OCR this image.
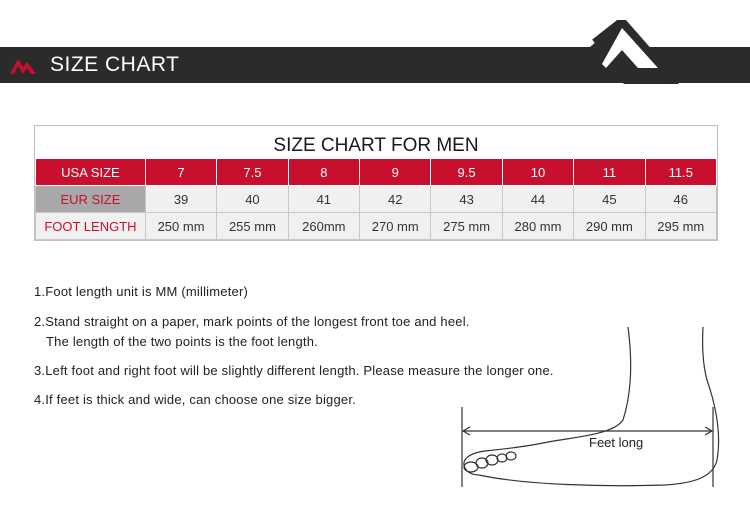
SIZE CHART
SIZE CHART FOR MEN
USA SIZE	7	7.5	8	9	9.5	10	11	11.5
EUR SIZE	39	40	41	42	43	44	45	46
FOOT LENGTH	250 mm	255 mm	260mm	270 mm	275 mm	280 mm	290 mm	295 mm
1.Foot length unit is MM (millimeter)
2.Stand straight on a paper, mark points of the longest front toe and heel.
The length of the two points is the foot length.
3.Left foot and right foot will be slightly different length. Please measure the longer one.
4.If feet is thick and wide, can choose one size bigger.
Feet long
